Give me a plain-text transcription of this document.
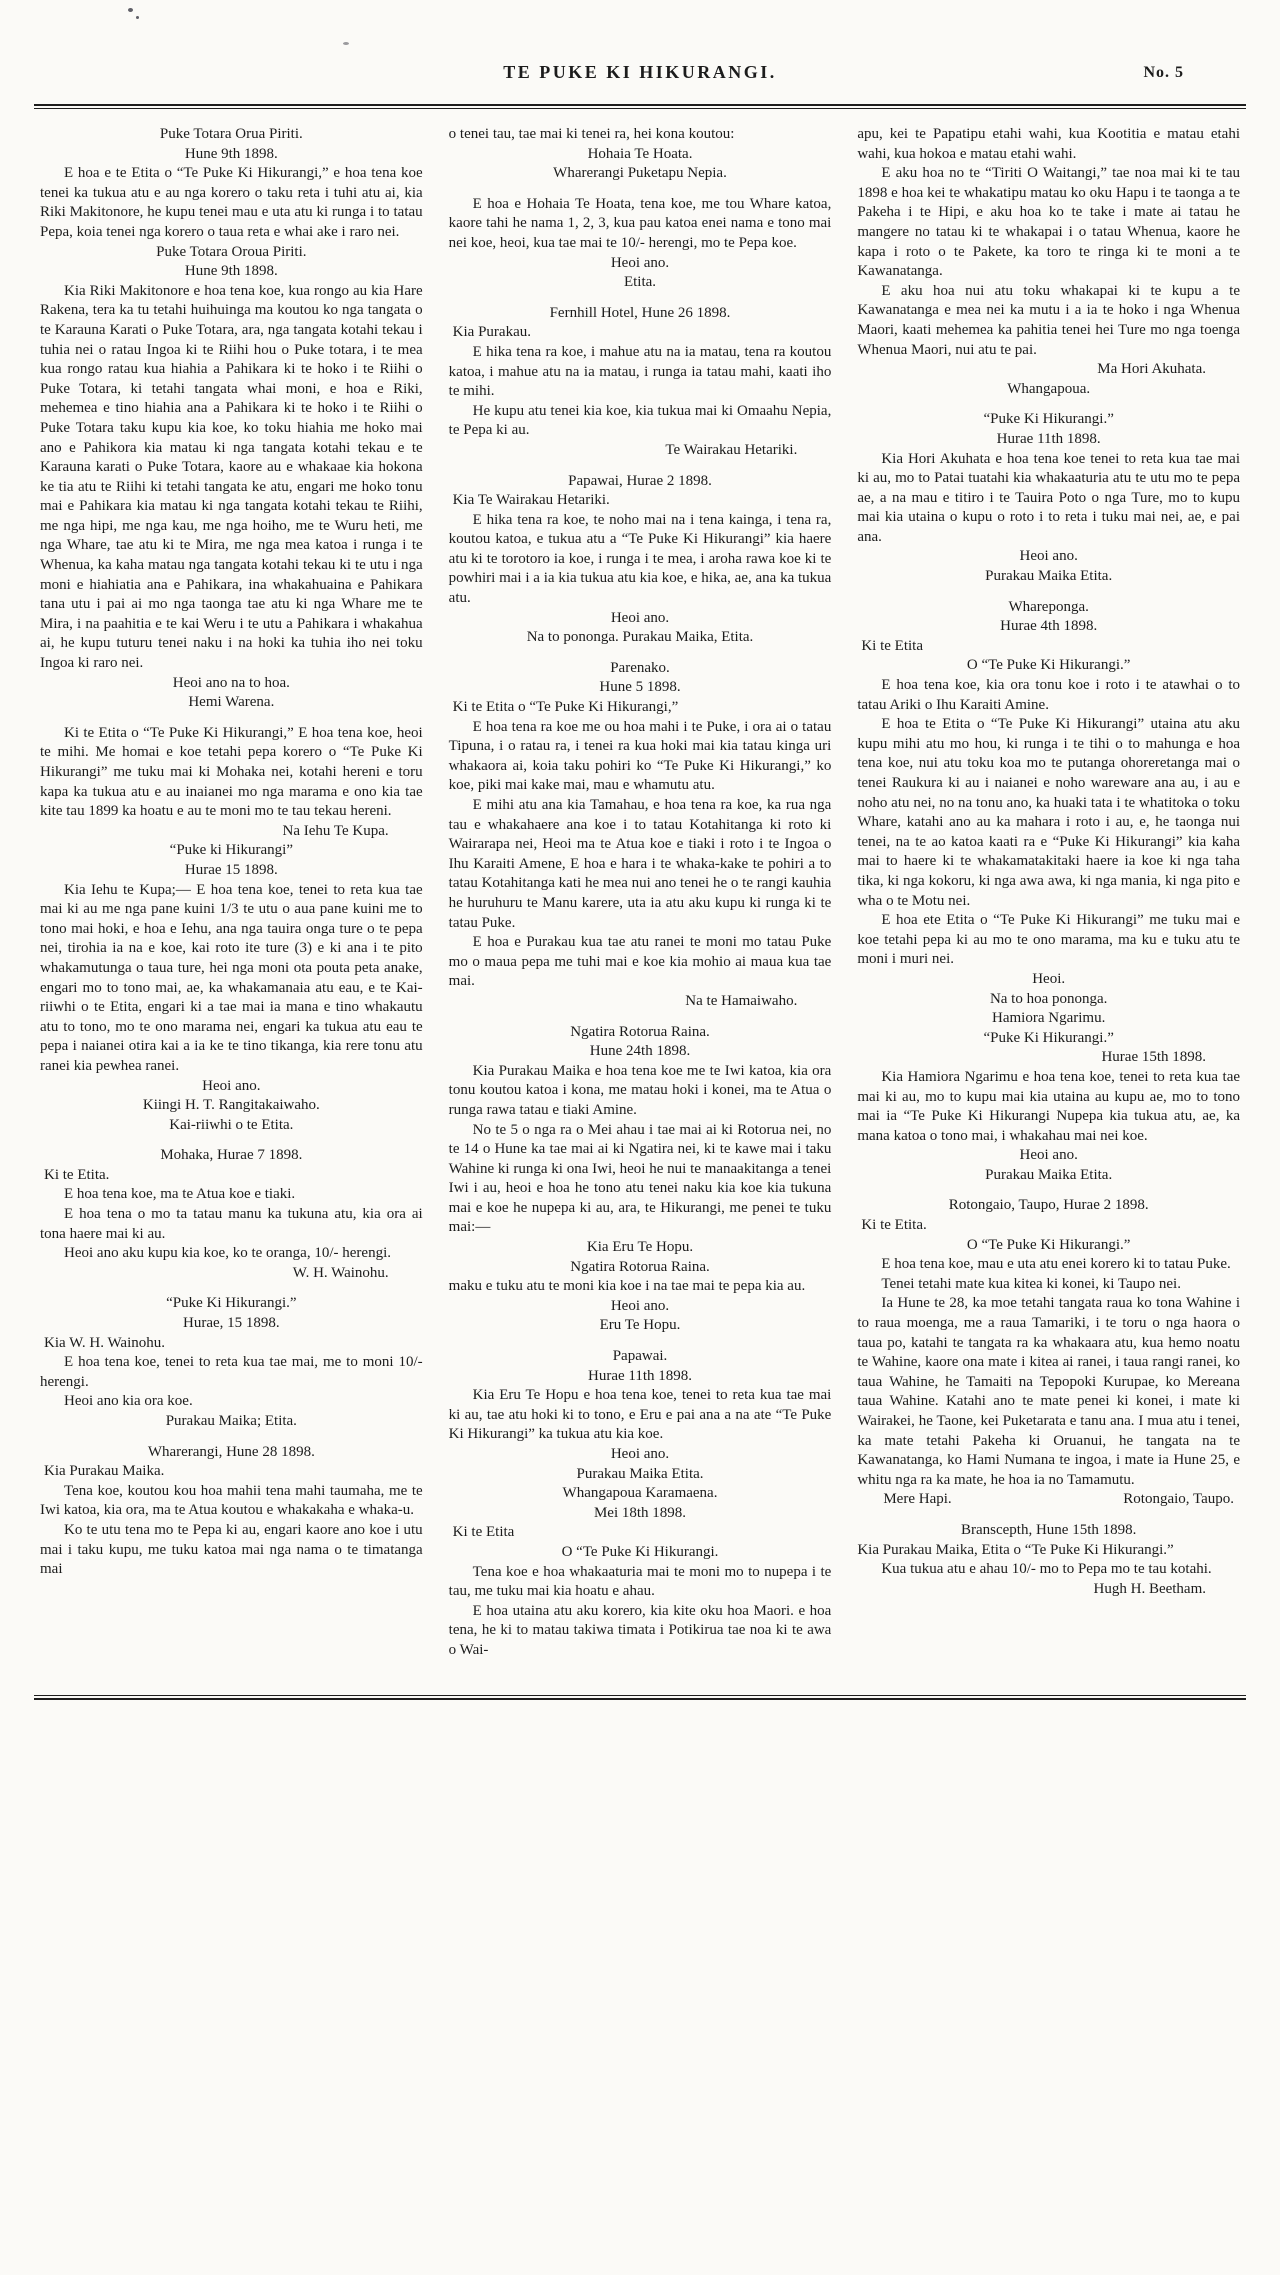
TE PUKE KI HIKURANGI.	No. 5
Puke Totara Orua Piriti.
Hune 9th 1898.
E hoa e te Etita o “Te Puke Ki Hikurangi,” e hoa tena koe tenei ka tukua atu e au nga korero o taku reta i tuhi atu ai, kia Riki Makitonore, he kupu tenei mau e uta atu ki runga i to tatau Pepa, koia tenei nga korero o taua reta e whai ake i raro nei.
Puke Totara Oroua Piriti.
Hune 9th 1898.
Kia Riki Makitonore e hoa tena koe, kua rongo au kia Hare Rakena, tera ka tu tetahi huihuinga ma koutou ko nga tangata o te Karauna Karati o Puke Totara, ara, nga tangata kotahi tekau i tuhia nei o ratau Ingoa ki te Riihi hou o Puke totara, i te mea kua rongo ratau kua hiahia a Pahikara ki te hoko i te Riihi o Puke Totara, ki tetahi tangata whai moni, e hoa e Riki, mehemea e tino hiahia ana a Pahikara ki te hoko i te Riihi o Puke Totara taku kupu kia koe, ko toku hiahia me hoko mai ano e Pahikora kia matau ki nga tangata kotahi tekau e te Karauna karati o Puke Totara, kaore au e whakaae kia hokona ke tia atu te Riihi ki tetahi tangata ke atu, engari me hoko tonu mai e Pahikara kia matau ki nga tangata kotahi tekau te Riihi, me nga hipi, me nga kau, me nga hoiho, me te Wuru heti, me nga Whare, tae atu ki te Mira, me nga mea katoa i runga i te Whenua, ka kaha matau nga tangata kotahi tekau ki te utu i nga moni e hiahiatia ana e Pahikara, ina whakahuaina e Pahikara tana utu i pai ai mo nga taonga tae atu ki nga Whare me te Mira, i na paahitia e te kai Weru i te utu a Pahikara i whakahua ai, he kupu tuturu tenei naku i na hoki ka tuhia iho nei toku Ingoa ki raro nei.
Heoi ano na to hoa.
Hemi Warena.
Ki te Etita o “Te Puke Ki Hikurangi,” E hoa tena koe, heoi te mihi. Me homai e koe tetahi pepa korero o “Te Puke Ki Hikurangi” me tuku mai ki Mohaka nei, kotahi hereni e toru kapa ka tukua atu e au inaianei mo nga marama e ono kia tae kite tau 1899 ka hoatu e au te moni mo te tau tekau hereni.
Na Iehu Te Kupa.
“Puke ki Hikurangi”
Hurae 15 1898.
Kia Iehu te Kupa;— E hoa tena koe, tenei to reta kua tae mai ki au me nga pane kuini 1/3 te utu o aua pane kuini me to tono mai hoki, e hoa e Iehu, ana nga tauira onga ture o te pepa nei, tirohia ia na e koe, kai roto ite ture (3) e ki ana i te pito whakamutunga o taua ture, hei nga moni ota pouta peta anake, engari mo to tono mai, ae, ka whakamanaia atu eau, e te Kai-riiwhi o te Etita, engari ki a tae mai ia mana e tino whakautu atu to tono, mo te ono marama nei, engari ka tukua atu eau te pepa i naianei otira kai a ia ke te tino tikanga, kia rere tonu atu ranei kia pewhea ranei.
Heoi ano.
Kiingi H. T. Rangitakaiwaho.
Kai-riiwhi o te Etita.
Mohaka, Hurae 7 1898.
Ki te Etita.
E hoa tena koe, ma te Atua koe e tiaki.
E hoa tena o mo ta tatau manu ka tukuna atu, kia ora ai tona haere mai ki au.
Heoi ano aku kupu kia koe, ko te oranga, 10/- herengi.
W. H. Wainohu.
“Puke Ki Hikurangi.”
Hurae, 15 1898.
Kia W. H. Wainohu.
E hoa tena koe, tenei to reta kua tae mai, me to moni 10/- herengi.
Heoi ano kia ora koe.
Purakau Maika; Etita.
Wharerangi, Hune 28 1898.
Kia Purakau Maika.
Tena koe, koutou kou hoa mahii tena mahi taumaha, me te Iwi katoa, kia ora, ma te Atua koutou e whakakaha e whaka-u.
Ko te utu tena mo te Pepa ki au, engari kaore ano koe i utu mai i taku kupu, me tuku katoa mai nga nama o te timatanga mai
o tenei tau, tae mai ki tenei ra, hei kona koutou:
Hohaia Te Hoata.
Wharerangi Puketapu Nepia.
E hoa e Hohaia Te Hoata, tena koe, me tou Whare katoa, kaore tahi he nama 1, 2, 3, kua pau katoa enei nama e tono mai nei koe, heoi, kua tae mai te 10/- herengi, mo te Pepa koe.
Heoi ano.
Etita.
Fernhill Hotel, Hune 26 1898.
Kia Purakau.
E hika tena ra koe, i mahue atu na ia matau, tena ra koutou katoa, i mahue atu na ia matau, i runga ia tatau mahi, kaati iho te mihi.
He kupu atu tenei kia koe, kia tukua mai ki Omaahu Nepia, te Pepa ki au.
Te Wairakau Hetariki.
Papawai, Hurae 2 1898.
Kia Te Wairakau Hetariki.
E hika tena ra koe, te noho mai na i tena kainga, i tena ra, koutou katoa, e tukua atu a “Te Puke Ki Hikurangi” kia haere atu ki te torotoro ia koe, i runga i te mea, i aroha rawa koe ki te powhiri mai i a ia kia tukua atu kia koe, e hika, ae, ana ka tukua atu.
Heoi ano.
Na to pononga. Purakau Maika, Etita.
Parenako.
Hune 5 1898.
Ki te Etita o “Te Puke Ki Hikurangi,”
E hoa tena ra koe me ou hoa mahi i te Puke, i ora ai o tatau Tipuna, i o ratau ra, i tenei ra kua hoki mai kia tatau kinga uri whakaora ai, koia taku pohiri ko “Te Puke Ki Hikurangi,” ko koe, piki mai kake mai, mau e whamutu atu.
E mihi atu ana kia Tamahau, e hoa tena ra koe, ka rua nga tau e whakahaere ana koe i to tatau Kotahitanga ki roto ki Wairarapa nei, Heoi ma te Atua koe e tiaki i roto i te Ingoa o Ihu Karaiti Amene, E hoa e hara i te whaka-kake te pohiri a to tatau Kotahitanga kati he mea nui ano tenei he o te rangi kauhia he huruhuru te Manu karere, uta ia atu aku kupu ki runga ki te tatau Puke.
E hoa e Purakau kua tae atu ranei te moni mo tatau Puke mo o maua pepa me tuhi mai e koe kia mohio ai maua kua tae mai.
Na te Hamaiwaho.
Ngatira Rotorua Raina.
Hune 24th 1898.
Kia Purakau Maika e hoa tena koe me te Iwi katoa, kia ora tonu koutou katoa i kona, me matau hoki i konei, ma te Atua o runga rawa tatau e tiaki Amine.
No te 5 o nga ra o Mei ahau i tae mai ai ki Rotorua nei, no te 14 o Hune ka tae mai ai ki Ngatira nei, ki te kawe mai i taku Wahine ki runga ki ona Iwi, heoi he nui te manaakitanga a tenei Iwi i au, heoi e hoa he tono atu tenei naku kia koe kia tukuna mai e koe he nupepa ki au, ara, te Hikurangi, me penei te tuku mai:—
Kia Eru Te Hopu.
Ngatira Rotorua Raina.
maku e tuku atu te moni kia koe i na tae mai te pepa kia au.
Heoi ano.
Eru Te Hopu.
Papawai.
Hurae 11th 1898.
Kia Eru Te Hopu e hoa tena koe, tenei to reta kua tae mai ki au, tae atu hoki ki to tono, e Eru e pai ana a na ate “Te Puke Ki Hikurangi” ka tukua atu kia koe.
Heoi ano.
Purakau Maika Etita.
Whangapoua Karamaena.
Mei 18th 1898.
Ki te Etita
O “Te Puke Ki Hikurangi.
Tena koe e hoa whakaaturia mai te moni mo to nupepa i te tau, me tuku mai kia hoatu e ahau.
E hoa utaina atu aku korero, kia kite oku hoa Maori. e hoa tena, he ki to matau takiwa timata i Potikirua tae noa ki te awa o Wai-
apu, kei te Papatipu etahi wahi, kua Kootitia e matau etahi wahi, kua hokoa e matau etahi wahi.
E aku hoa no te “Tiriti O Waitangi,” tae noa mai ki te tau 1898 e hoa kei te whakatipu matau ko oku Hapu i te taonga a te Pakeha i te Hipi, e aku hoa ko te take i mate ai tatau he mangere no tatau ki te whakapai i o tatau Whenua, kaore he kapa i roto o te Pakete, ka toro te ringa ki te moni a te Kawanatanga.
E aku hoa nui atu toku whakapai ki te kupu a te Kawanatanga e mea nei ka mutu i a ia te hoko i nga Whenua Maori, kaati mehemea ka pahitia tenei hei Ture mo nga toenga Whenua Maori, nui atu te pai.
Ma Hori Akuhata.
Whangapoua.
“Puke Ki Hikurangi.”
Hurae 11th 1898.
Kia Hori Akuhata e hoa tena koe tenei to reta kua tae mai ki au, mo to Patai tuatahi kia whakaaturia atu te utu mo te pepa ae, a na mau e titiro i te Tauira Poto o nga Ture, mo to kupu mai kia utaina o kupu o roto i to reta i tuku mai nei, ae, e pai ana.
Heoi ano.
Purakau Maika Etita.
Whareponga.
Hurae 4th 1898.
Ki te Etita
O “Te Puke Ki Hikurangi.”
E hoa tena koe, kia ora tonu koe i roto i te atawhai o to tatau Ariki o Ihu Karaiti Amine.
E hoa te Etita o “Te Puke Ki Hikurangi” utaina atu aku kupu mihi atu mo hou, ki runga i te tihi o to mahunga e hoa tena koe, nui atu toku koa mo te putanga ohoreretanga mai o tenei Raukura ki au i naianei e noho wareware ana au, i au e noho atu nei, no na tonu ano, ka huaki tata i te whatitoka o toku Whare, katahi ano au ka mahara i roto i au, e, he taonga nui tenei, na te ao katoa kaati ra e “Puke Ki Hikurangi” kia kaha mai to haere ki te whakamatakitaki haere ia koe ki nga taha tika, ki nga kokoru, ki nga awa awa, ki nga mania, ki nga pito e wha o te Motu nei.
E hoa ete Etita o “Te Puke Ki Hikurangi” me tuku mai e koe tetahi pepa ki au mo te ono marama, ma ku e tuku atu te moni i muri nei.
Heoi.
Na to hoa pononga.
Hamiora Ngarimu.
“Puke Ki Hikurangi.”
Hurae 15th 1898.
Kia Hamiora Ngarimu e hoa tena koe, tenei to reta kua tae mai ki au, mo to kupu mai kia utaina au kupu ae, mo to tono mai ia “Te Puke Ki Hikurangi Nupepa kia tukua atu, ae, ka mana katoa o tono mai, i whakahau mai nei koe.
Heoi ano.
Purakau Maika Etita.
Rotongaio, Taupo, Hurae 2 1898.
Ki te Etita.
O “Te Puke Ki Hikurangi.”
E hoa tena koe, mau e uta atu enei korero ki to tatau Puke.
Tenei tetahi mate kua kitea ki konei, ki Taupo nei.
Ia Hune te 28, ka moe tetahi tangata raua ko tona Wahine i to raua moenga, me a raua Tamariki, i te toru o nga haora o taua po, katahi te tangata ra ka whakaara atu, kua hemo noatu te Wahine, kaore ona mate i kitea ai ranei, i taua rangi ranei, ko taua Wahine, he Tamaiti na Tepopoki Kurupae, ko Mereana taua Wahine. Katahi ano te mate penei ki konei, i mate ki Wairakei, he Taone, kei Puketarata e tanu ana. I mua atu i tenei, ka mate tetahi Pakeha ki Oruanui, he tangata na te Kawanatanga, ko Hami Numana te ingoa, i mate ia Hune 25, e whitu nga ra ka mate, he hoa ia no Tamamutu.
Mere Hapi.	Rotongaio, Taupo.
Branscepth, Hune 15th 1898.
Kia Purakau Maika, Etita o “Te Puke Ki Hikurangi.”
Kua tukua atu e ahau 10/- mo to Pepa mo te tau kotahi.
Hugh H. Beetham.
